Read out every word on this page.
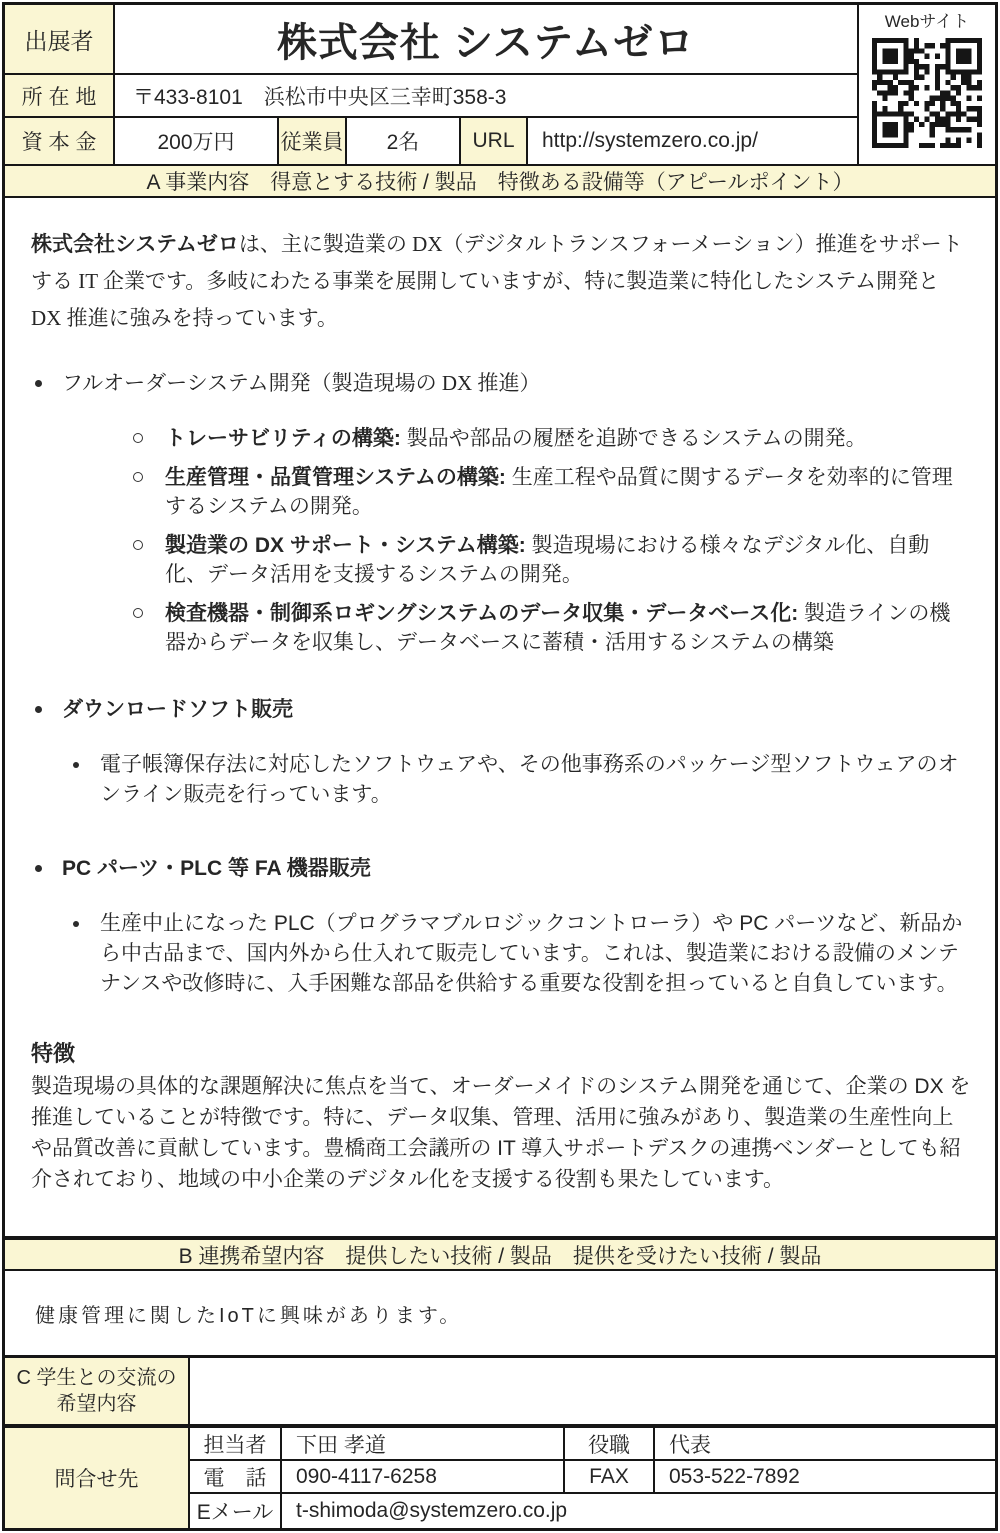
出展者	株式会社 システムゼロ	Webサイト
所 在 地	〒433-8101　浜松市中央区三幸町358-3
資 本 金	200万円	従業員	2名	URL	http://systemzero.co.jp/
A 事業内容　得意とする技術 / 製品　特徴ある設備等（アピールポイント）

株式会社システムゼロは、主に製造業の DX（デジタルトランスフォーメーション）推進をサポートする IT 企業です。多岐にわたる事業を展開していますが、特に製造業に特化したシステム開発と DX 推進に強みを持っています。

フルオーダーシステム開発（製造現場の DX 推進）
トレーサビリティの構築: 製品や部品の履歴を追跡できるシステムの開発。
生産管理・品質管理システムの構築: 生産工程や品質に関するデータを効率的に管理するシステムの開発。
製造業の DX サポート・システム構築: 製造現場における様々なデジタル化、自動化、データ活用を支援するシステムの開発。
検査機器・制御系ロギングシステムのデータ収集・データベース化: 製造ラインの機器からデータを収集し、データベースに蓄積・活用するシステムの構築
ダウンロードソフト販売
電子帳簿保存法に対応したソフトウェアや、その他事務系のパッケージ型ソフトウェアのオンライン販売を行っています。
PC パーツ・PLC 等 FA 機器販売
生産中止になった PLC（プログラマブルロジックコントローラ）や PC パーツなど、新品から中古品まで、国内外から仕入れて販売しています。これは、製造業における設備のメンテナンスや改修時に、入手困難な部品を供給する重要な役割を担っていると自負しています。
特徴

製造現場の具体的な課題解決に焦点を当て、オーダーメイドのシステム開発を通じて、企業の DX を推進していることが特徴です。特に、データ収集、管理、活用に強みがあり、製造業の生産性向上や品質改善に貢献しています。豊橋商工会議所の IT 導入サポートデスクの連携ベンダーとしても紹介されており、地域の中小企業のデジタル化を支援する役割も果たしています。

B 連携希望内容　提供したい技術 / 製品　提供を受けたい技術 / 製品
健康管理に関したIoTに興味があります。
C 学生との交流の
希望内容
問合せ先
担当者	下田 孝道	役職	代表
電　話	090-4117-6258	FAX	053-522-7892
Eメール	t-shimoda@systemzero.co.jp
